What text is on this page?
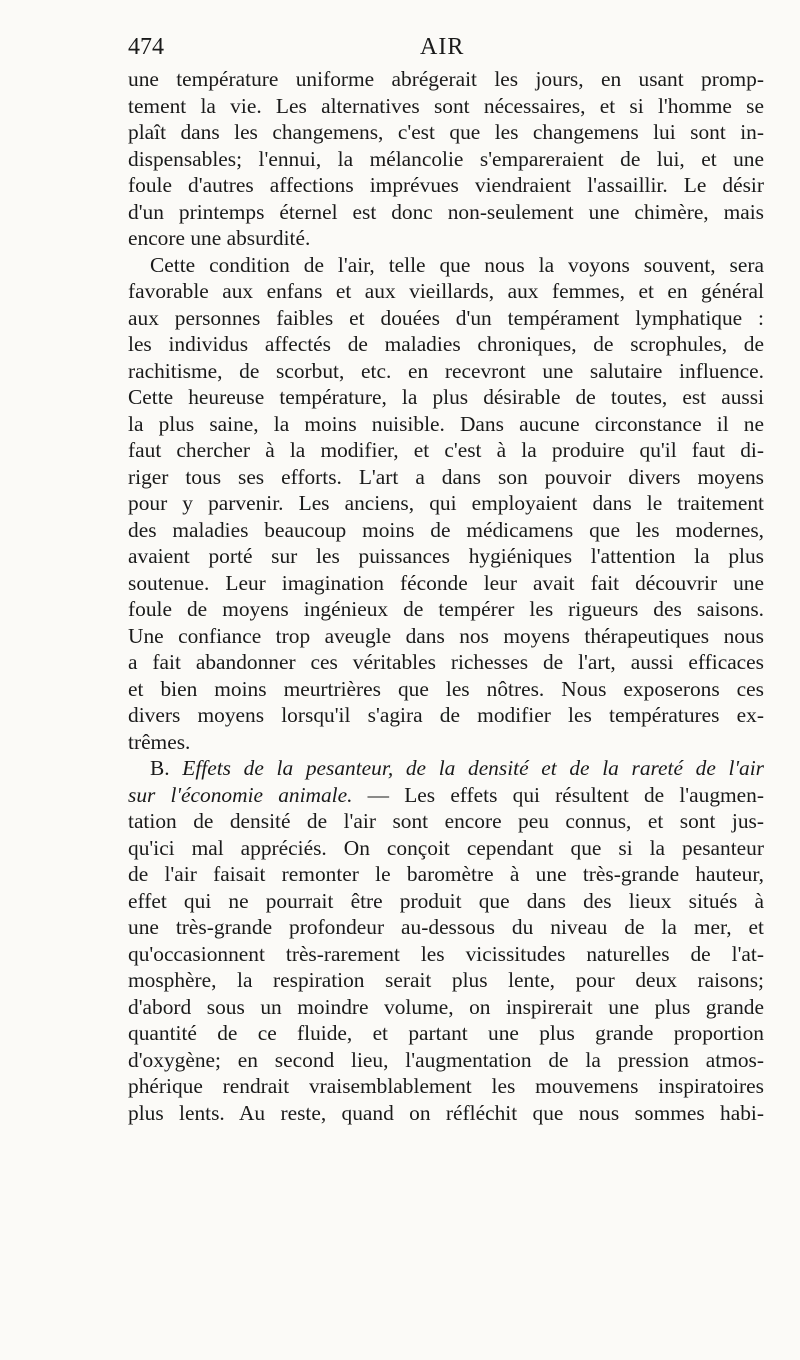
474	AIR
une température uniforme abrégerait les jours, en usant promp-
tement la vie. Les alternatives sont nécessaires, et si l'homme se
plaît dans les changemens, c'est que les changemens lui sont in-
dispensables; l'ennui, la mélancolie s'empareraient de lui, et une
foule d'autres affections imprévues viendraient l'assaillir. Le désir
d'un printemps éternel est donc non-seulement une chimère, mais
encore une absurdité.
Cette condition de l'air, telle que nous la voyons souvent, sera
favorable aux enfans et aux vieillards, aux femmes, et en général
aux personnes faibles et douées d'un tempérament lymphatique :
les individus affectés de maladies chroniques, de scrophules, de
rachitisme, de scorbut, etc. en recevront une salutaire influence.
Cette heureuse température, la plus désirable de toutes, est aussi
la plus saine, la moins nuisible. Dans aucune circonstance il ne
faut chercher à la modifier, et c'est à la produire qu'il faut di-
riger tous ses efforts. L'art a dans son pouvoir divers moyens
pour y parvenir. Les anciens, qui employaient dans le traitement
des maladies beaucoup moins de médicamens que les modernes,
avaient porté sur les puissances hygiéniques l'attention la plus
soutenue. Leur imagination féconde leur avait fait découvrir une
foule de moyens ingénieux de tempérer les rigueurs des saisons.
Une confiance trop aveugle dans nos moyens thérapeutiques nous
a fait abandonner ces véritables richesses de l'art, aussi efficaces
et bien moins meurtrières que les nôtres. Nous exposerons ces
divers moyens lorsqu'il s'agira de modifier les températures ex-
trêmes.
B. Effets de la pesanteur, de la densité et de la rareté de l'air
sur l'économie animale. — Les effets qui résultent de l'augmen-
tation de densité de l'air sont encore peu connus, et sont jus-
qu'ici mal appréciés. On conçoit cependant que si la pesanteur
de l'air faisait remonter le baromètre à une très-grande hauteur,
effet qui ne pourrait être produit que dans des lieux situés à
une très-grande profondeur au-dessous du niveau de la mer, et
qu'occasionnent très-rarement les vicissitudes naturelles de l'at-
mosphère, la respiration serait plus lente, pour deux raisons;
d'abord sous un moindre volume, on inspirerait une plus grande
quantité de ce fluide, et partant une plus grande proportion
d'oxygène; en second lieu, l'augmentation de la pression atmos-
phérique rendrait vraisemblablement les mouvemens inspiratoires
plus lents. Au reste, quand on réfléchit que nous sommes habi-
